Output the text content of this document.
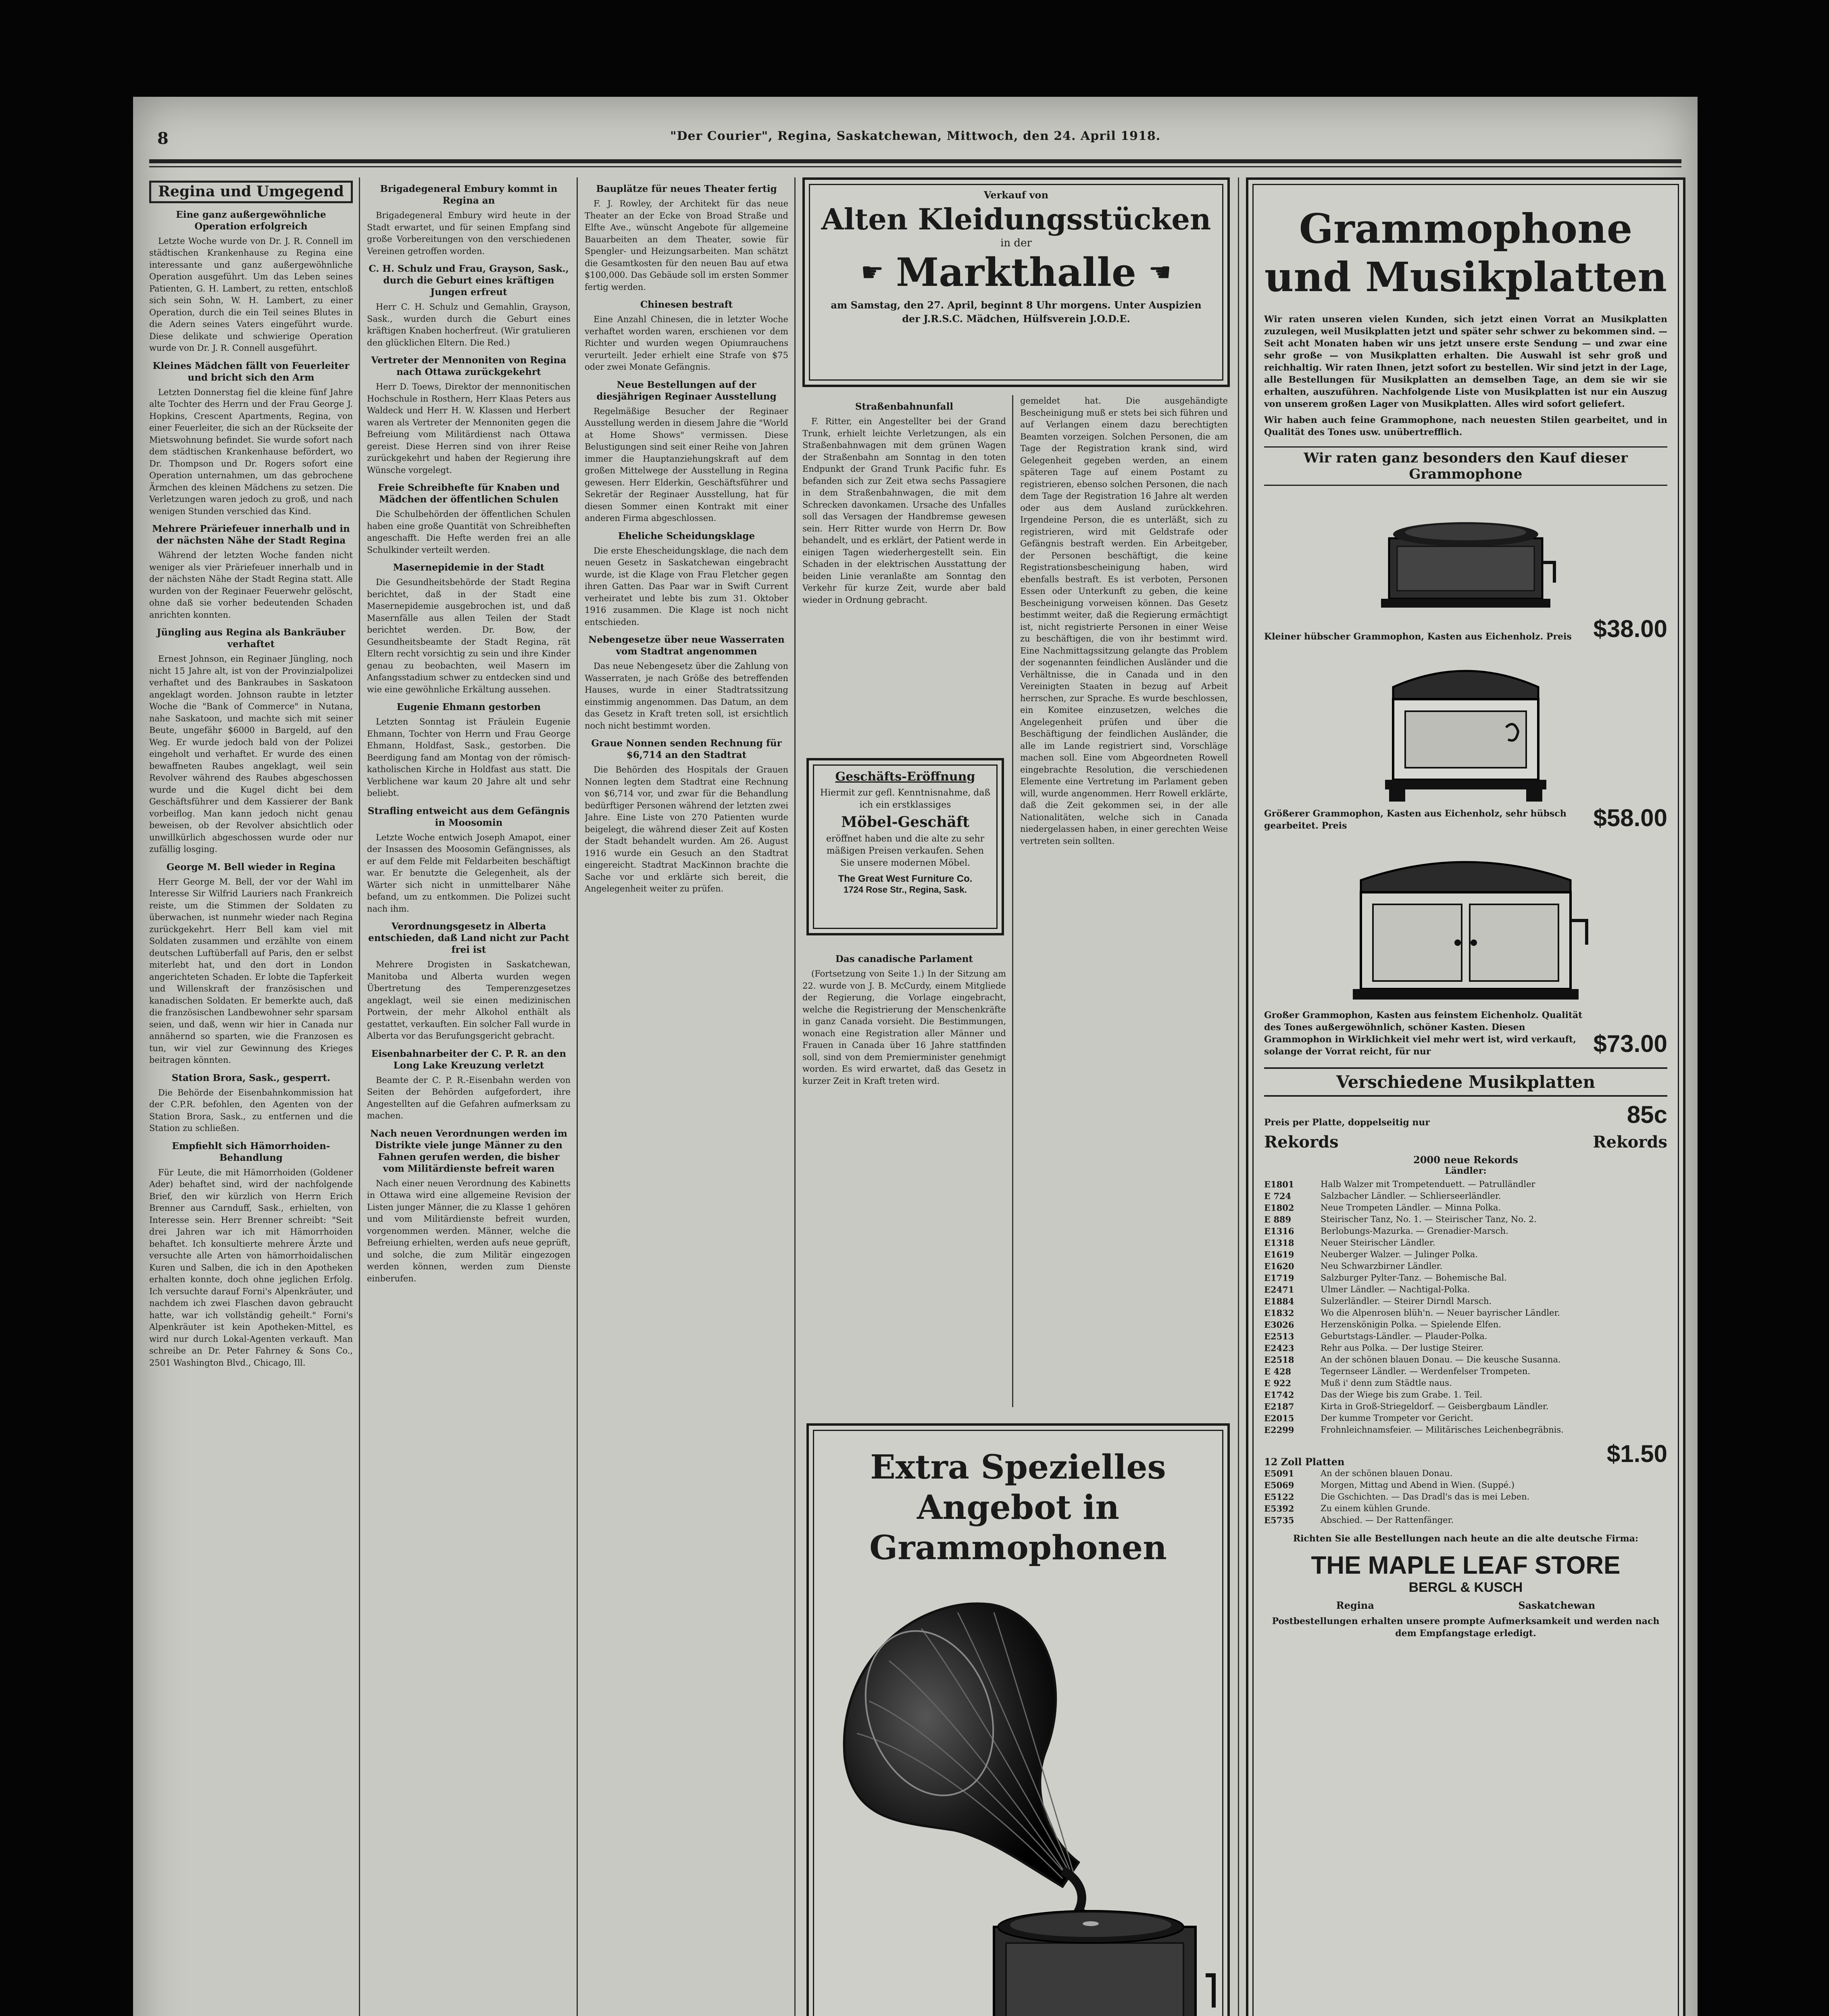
8	"Der Courier", Regina, Saskatchewan, Mittwoch, den 24. April 1918.
Regina und Umgegend
Eine ganz außergewöhnliche Operation erfolgreich

Letzte Woche wurde von Dr. J. R. Connell im städtischen Krankenhause zu Regina eine interessante und ganz außergewöhnliche Operation ausgeführt. Um das Leben seines Patienten, G. H. Lambert, zu retten, entschloß sich sein Sohn, W. H. Lambert, zu einer Operation, durch die ein Teil seines Blutes in die Adern seines Vaters eingeführt wurde. Diese delikate und schwierige Operation wurde von Dr. J. R. Connell ausgeführt.

Kleines Mädchen fällt von Feuerleiter und bricht sich den Arm

Letzten Donnerstag fiel die kleine fünf Jahre alte Tochter des Herrn und der Frau George J. Hopkins, Crescent Apartments, Regina, von einer Feuerleiter, die sich an der Rückseite der Mietswohnung befindet. Sie wurde sofort nach dem städtischen Krankenhause befördert, wo Dr. Thompson und Dr. Rogers sofort eine Operation unternahmen, um das gebrochene Ärmchen des kleinen Mädchens zu setzen. Die Verletzungen waren jedoch zu groß, und nach wenigen Stunden verschied das Kind.

Mehrere Präriefeuer innerhalb und in der nächsten Nähe der Stadt Regina

Während der letzten Woche fanden nicht weniger als vier Präriefeuer innerhalb und in der nächsten Nähe der Stadt Regina statt. Alle wurden von der Reginaer Feuerwehr gelöscht, ohne daß sie vorher bedeutenden Schaden anrichten konnten.

Jüngling aus Regina als Bankräuber verhaftet

Ernest Johnson, ein Reginaer Jüngling, noch nicht 15 Jahre alt, ist von der Provinzialpolizei verhaftet und des Bankraubes in Saskatoon angeklagt worden. Johnson raubte in letzter Woche die "Bank of Commerce" in Nutana, nahe Saskatoon, und machte sich mit seiner Beute, ungefähr $6000 in Bargeld, auf den Weg. Er wurde jedoch bald von der Polizei eingeholt und verhaftet. Er wurde des einen bewaffneten Raubes angeklagt, weil sein Revolver während des Raubes abgeschossen wurde und die Kugel dicht bei dem Geschäftsführer und dem Kassierer der Bank vorbeiflog. Man kann jedoch nicht genau beweisen, ob der Revolver absichtlich oder unwillkürlich abgeschossen wurde oder nur zufällig losging.

George M. Bell wieder in Regina

Herr George M. Bell, der vor der Wahl im Interesse Sir Wilfrid Lauriers nach Frankreich reiste, um die Stimmen der Soldaten zu überwachen, ist nunmehr wieder nach Regina zurückgekehrt. Herr Bell kam viel mit Soldaten zusammen und erzählte von einem deutschen Luftüberfall auf Paris, den er selbst miterlebt hat, und den dort in London angerichteten Schaden. Er lobte die Tapferkeit und Willenskraft der französischen und kanadischen Soldaten. Er bemerkte auch, daß die französischen Landbewohner sehr sparsam seien, und daß, wenn wir hier in Canada nur annähernd so sparten, wie die Franzosen es tun, wir viel zur Gewinnung des Krieges beitragen könnten.

Station Brora, Sask., gesperrt.

Die Behörde der Eisenbahnkommission hat der C.P.R. befohlen, den Agenten von der Station Brora, Sask., zu entfernen und die Station zu schließen.

Empfiehlt sich Hämorrhoiden-Behandlung

Für Leute, die mit Hämorrhoiden (Goldener Ader) behaftet sind, wird der nachfolgende Brief, den wir kürzlich von Herrn Erich Brenner aus Carnduff, Sask., erhielten, von Interesse sein. Herr Brenner schreibt: "Seit drei Jahren war ich mit Hämorrhoiden behaftet. Ich konsultierte mehrere Ärzte und versuchte alle Arten von hämorrhoidalischen Kuren und Salben, die ich in den Apotheken erhalten konnte, doch ohne jeglichen Erfolg. Ich versuchte darauf Forni's Alpenkräuter, und nachdem ich zwei Flaschen davon gebraucht hatte, war ich vollständig geheilt." Forni's Alpenkräuter ist kein Apotheken-Mittel, es wird nur durch Lokal-Agenten verkauft. Man schreibe an Dr. Peter Fahrney & Sons Co., 2501 Washington Blvd., Chicago, Ill.

Brigadegeneral Embury kommt in Regina an

Brigadegeneral Embury wird heute in der Stadt erwartet, und für seinen Empfang sind große Vorbereitungen von den verschiedenen Vereinen getroffen worden.

C. H. Schulz und Frau, Grayson, Sask., durch die Geburt eines kräftigen Jungen erfreut

Herr C. H. Schulz und Gemahlin, Grayson, Sask., wurden durch die Geburt eines kräftigen Knaben hocherfreut. (Wir gratulieren den glücklichen Eltern. Die Red.)

Vertreter der Mennoniten von Regina nach Ottawa zurückgekehrt

Herr D. Toews, Direktor der mennonitischen Hochschule in Rosthern, Herr Klaas Peters aus Waldeck und Herr H. W. Klassen und Herbert waren als Vertreter der Mennoniten gegen die Befreiung vom Militärdienst nach Ottawa gereist. Diese Herren sind von ihrer Reise zurückgekehrt und haben der Regierung ihre Wünsche vorgelegt.

Freie Schreibhefte für Knaben und Mädchen der öffentlichen Schulen

Die Schulbehörden der öffentlichen Schulen haben eine große Quantität von Schreibheften angeschafft. Die Hefte werden frei an alle Schulkinder verteilt werden.

Masernepidemie in der Stadt

Die Gesundheitsbehörde der Stadt Regina berichtet, daß in der Stadt eine Masernepidemie ausgebrochen ist, und daß Masernfälle aus allen Teilen der Stadt berichtet werden. Dr. Bow, der Gesundheitsbeamte der Stadt Regina, rät Eltern recht vorsichtig zu sein und ihre Kinder genau zu beobachten, weil Masern im Anfangsstadium schwer zu entdecken sind und wie eine gewöhnliche Erkältung aussehen.

Eugenie Ehmann gestorben

Letzten Sonntag ist Fräulein Eugenie Ehmann, Tochter von Herrn und Frau George Ehmann, Holdfast, Sask., gestorben. Die Beerdigung fand am Montag von der römisch-katholischen Kirche in Holdfast aus statt. Die Verblichene war kaum 20 Jahre alt und sehr beliebt.

Strafling entweicht aus dem Gefängnis in Moosomin

Letzte Woche entwich Joseph Amapot, einer der Insassen des Moosomin Gefängnisses, als er auf dem Felde mit Feldarbeiten beschäftigt war. Er benutzte die Gelegenheit, als der Wärter sich nicht in unmittelbarer Nähe befand, um zu entkommen. Die Polizei sucht nach ihm.

Verordnungsgesetz in Alberta entschieden, daß Land nicht zur Pacht frei ist

Mehrere Drogisten in Saskatchewan, Manitoba und Alberta wurden wegen Übertretung des Temperenzgesetzes angeklagt, weil sie einen medizinischen Portwein, der mehr Alkohol enthält als gestattet, verkauften. Ein solcher Fall wurde in Alberta vor das Berufungsgericht gebracht.

Eisenbahnarbeiter der C. P. R. an den Long Lake Kreuzung verletzt

Beamte der C. P. R.-Eisenbahn werden von Seiten der Behörden aufgefordert, ihre Angestellten auf die Gefahren aufmerksam zu machen.

Nach neuen Verordnungen werden im Distrikte viele junge Männer zu den Fahnen gerufen werden, die bisher vom Militärdienste befreit waren

Nach einer neuen Verordnung des Kabinetts in Ottawa wird eine allgemeine Revision der Listen junger Männer, die zu Klasse 1 gehören und vom Militärdienste befreit wurden, vorgenommen werden. Männer, welche die Befreiung erhielten, werden aufs neue geprüft, und solche, die zum Militär eingezogen werden können, werden zum Dienste einberufen.

Bauplätze für neues Theater fertig

F. J. Rowley, der Architekt für das neue Theater an der Ecke von Broad Straße und Elfte Ave., wünscht Angebote für allgemeine Bauarbeiten an dem Theater, sowie für Spengler- und Heizungsarbeiten. Man schätzt die Gesamtkosten für den neuen Bau auf etwa $100,000. Das Gebäude soll im ersten Sommer fertig werden.

Chinesen bestraft

Eine Anzahl Chinesen, die in letzter Woche verhaftet worden waren, erschienen vor dem Richter und wurden wegen Opiumrauchens verurteilt. Jeder erhielt eine Strafe von $75 oder zwei Monate Gefängnis.

Neue Bestellungen auf der diesjährigen Reginaer Ausstellung

Regelmäßige Besucher der Reginaer Ausstellung werden in diesem Jahre die "World at Home Shows" vermissen. Diese Belustigungen sind seit einer Reihe von Jahren immer die Hauptanziehungskraft auf dem großen Mittelwege der Ausstellung in Regina gewesen. Herr Elderkin, Geschäftsführer und Sekretär der Reginaer Ausstellung, hat für diesen Sommer einen Kontrakt mit einer anderen Firma abgeschlossen.

Eheliche Scheidungsklage

Die erste Ehescheidungsklage, die nach dem neuen Gesetz in Saskatchewan eingebracht wurde, ist die Klage von Frau Fletcher gegen ihren Gatten. Das Paar war in Swift Current verheiratet und lebte bis zum 31. Oktober 1916 zusammen. Die Klage ist noch nicht entschieden.

Nebengesetze über neue Wasserraten vom Stadtrat angenommen

Das neue Nebengesetz über die Zahlung von Wasserraten, je nach Größe des betreffenden Hauses, wurde in einer Stadtratssitzung einstimmig angenommen. Das Datum, an dem das Gesetz in Kraft treten soll, ist ersichtlich noch nicht bestimmt worden.

Graue Nonnen senden Rechnung für $6,714 an den Stadtrat

Die Behörden des Hospitals der Grauen Nonnen legten dem Stadtrat eine Rechnung von $6,714 vor, und zwar für die Behandlung bedürftiger Personen während der letzten zwei Jahre. Eine Liste von 270 Patienten wurde beigelegt, die während dieser Zeit auf Kosten der Stadt behandelt wurden. Am 26. August 1916 wurde ein Gesuch an den Stadtrat eingereicht. Stadtrat MacKinnon brachte die Sache vor und erklärte sich bereit, die Angelegenheit weiter zu prüfen.

Verkauf von
Alten Kleidungsstücken
in der
☛ Markthalle ☛
am Samstag, den 27. April, beginnt 8 Uhr morgens. Unter Auspizien der J.R.S.C. Mädchen, Hülfsverein J.O.D.E.
Straßenbahnunfall

F. Ritter, ein Angestellter bei der Grand Trunk, erhielt leichte Verletzungen, als ein Straßenbahnwagen mit dem grünen Wagen der Straßenbahn am Sonntag in den toten Endpunkt der Grand Trunk Pacific fuhr. Es befanden sich zur Zeit etwa sechs Passagiere in dem Straßenbahnwagen, die mit dem Schrecken davonkamen. Ursache des Unfalles soll das Versagen der Handbremse gewesen sein. Herr Ritter wurde von Herrn Dr. Bow behandelt, und es erklärt, der Patient werde in einigen Tagen wiederhergestellt sein. Ein Schaden in der elektrischen Ausstattung der beiden Linie veranlaßte am Sonntag den Verkehr für kurze Zeit, wurde aber bald wieder in Ordnung gebracht.

Geschäfts-Eröffnung
Hiermit zur gefl. Kenntnisnahme, daß ich ein erstklassiges
Möbel-Geschäft
eröffnet haben und die alte zu sehr mäßigen Preisen verkaufen. Sehen Sie unsere modernen Möbel.
The Great West Furniture Co.
1724 Rose Str., Regina, Sask.
Das canadische Parlament

(Fortsetzung von Seite 1.) In der Sitzung am 22. wurde von J. B. McCurdy, einem Mitgliede der Regierung, die Vorlage eingebracht, welche die Registrierung der Menschenkräfte in ganz Canada vorsieht. Die Bestimmungen, wonach eine Registration aller Männer und Frauen in Canada über 16 Jahre stattfinden soll, sind von dem Premierminister genehmigt worden. Es wird erwartet, daß das Gesetz in kurzer Zeit in Kraft treten wird.

gemeldet hat. Die ausgehändigte Bescheinigung muß er stets bei sich führen und auf Verlangen einem dazu berechtigten Beamten vorzeigen. Solchen Personen, die am Tage der Registration krank sind, wird Gelegenheit gegeben werden, an einem späteren Tage auf einem Postamt zu registrieren, ebenso solchen Personen, die nach dem Tage der Registration 16 Jahre alt werden oder aus dem Ausland zurückkehren. Irgendeine Person, die es unterläßt, sich zu registrieren, wird mit Geldstrafe oder Gefängnis bestraft werden. Ein Arbeitgeber, der Personen beschäftigt, die keine Registrationsbescheinigung haben, wird ebenfalls bestraft. Es ist verboten, Personen Essen oder Unterkunft zu geben, die keine Bescheinigung vorweisen können. Das Gesetz bestimmt weiter, daß die Regierung ermächtigt ist, nicht registrierte Personen in einer Weise zu beschäftigen, die von ihr bestimmt wird. Eine Nachmittagssitzung gelangte das Problem der sogenannten feindlichen Ausländer und die Verhältnisse, die in Canada und in den Vereinigten Staaten in bezug auf Arbeit herrschen, zur Sprache. Es wurde beschlossen, ein Komitee einzusetzen, welches die Angelegenheit prüfen und über die Beschäftigung der feindlichen Ausländer, die alle im Lande registriert sind, Vorschläge machen soll. Eine vom Abgeordneten Rowell eingebrachte Resolution, die verschiedenen Elemente eine Vertretung im Parlament geben will, wurde angenommen. Herr Rowell erklärte, daß die Zeit gekommen sei, in der alle Nationalitäten, welche sich in Canada niedergelassen haben, in einer gerechten Weise vertreten sein sollten.

Extra Spezielles Angebot in Grammophonen
Grammophone und Musikplatten
Wir raten unseren vielen Kunden, sich jetzt einen Vorrat an Musikplatten zuzulegen, weil Musikplatten jetzt und später sehr schwer zu bekommen sind. — Seit acht Monaten haben wir uns jetzt unsere erste Sendung — und zwar eine sehr große — von Musikplatten erhalten. Die Auswahl ist sehr groß und reichhaltig. Wir raten Ihnen, jetzt sofort zu bestellen. Wir sind jetzt in der Lage, alle Bestellungen für Musikplatten an demselben Tage, an dem sie wir sie erhalten, auszuführen. Nachfolgende Liste von Musikplatten ist nur ein Auszug von unserem großen Lager von Musikplatten. Alles wird sofort geliefert.
Wir haben auch feine Grammophone, nach neuesten Stilen gearbeitet, und in Qualität des Tones usw. unübertrefflich.
Wir raten ganz besonders den Kauf dieser Grammophone
Kleiner hübscher Grammophon, Kasten aus Eichenholz. Preis $38.00
Größerer Grammophon, Kasten aus Eichenholz, sehr hübsch gearbeitet. Preis	$58.00
Großer Grammophon, Kasten aus feinstem Eichenholz. Qualität des Tones außergewöhnlich, schöner Kasten. Diesen Grammophon in Wirklichkeit viel mehr wert ist, wird verkauft, solange der Vorrat reicht, für nur	$73.00
Verschiedene Musikplatten
Preis per Platte, doppelseitig nur	85c
Rekords	Rekords
2000 neue Rekords
Ländler:
E1801	Halb Walzer mit Trompetenduett. — Patrulländler
E 724	Salzbacher Ländler. — Schlierseerländler.
E1802	Neue Trompeten Ländler. — Minna Polka.
E 889	Steirischer Tanz, No. 1. — Steirischer Tanz, No. 2.
E1316	Berlobungs-Mazurka. — Grenadier-Marsch.
E1318	Neuer Steirischer Ländler.
E1619	Neuberger Walzer. — Julinger Polka.
E1620	Neu Schwarzbirner Ländler.
E1719	Salzburger Pylter-Tanz. — Bohemische Bal.
E2471	Ulmer Ländler. — Nachtigal-Polka.
E1884	Sulzerländler. — Steirer Dirndl Marsch.
E1832	Wo die Alpenrosen blüh'n. — Neuer bayrischer Ländler.
E3026	Herzenskönigin Polka. — Spielende Elfen.
E2513	Geburtstags-Ländler. — Plauder-Polka.
E2423	Rehr aus Polka. — Der lustige Steirer.
E2518	An der schönen blauen Donau. — Die keusche Susanna.
E 428	Tegernseer Ländler. — Werdenfelser Trompeten.
E 922	Muß i' denn zum Städtle naus.
E1742	Das der Wiege bis zum Grabe. 1. Teil.
E2187	Kirta in Groß-Striegeldorf. — Geisbergbaum Ländler.
E2015	Der kumme Trompeter vor Gericht.
E2299	Frohnleichnamsfeier. — Militärisches Leichenbegräbnis.
12 Zoll Platten	$1.50
E5091	An der schönen blauen Donau.
E5069	Morgen, Mittag und Abend in Wien. (Suppé.)
E5122	Die Gschichten. — Das Dradl's das is mei Leben.
E5392	Zu einem kühlen Grunde.
E5735	Abschied. — Der Rattenfänger.
Richten Sie alle Bestellungen nach heute an die alte deutsche Firma:
THE MAPLE LEAF STORE
BERGL & KUSCH
Regina	Saskatchewan
Postbestellungen erhalten unsere prompte Aufmerksamkeit und werden nach dem Empfangstage erledigt.
